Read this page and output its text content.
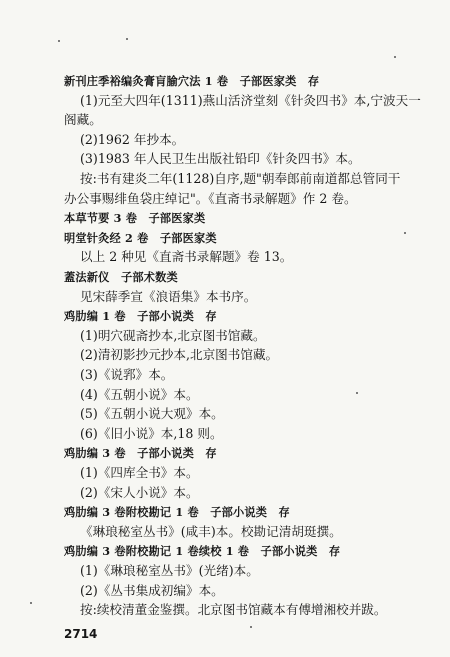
新刊庄季裕编灸膏肓腧穴法 1 卷　子部医家类　存
(1)元至大四年(1311)燕山活济堂刻《针灸四书》本,宁波天一
阁藏。
(2)1962 年抄本。
(3)1983 年人民卫生出版社铅印《针灸四书》本。
按:书有建炎二年(1128)自序,题"朝奉郎前南道都总管同干
办公事赐绯鱼袋庄绰记"。《直斋书录解题》作 2 卷。
本草节要 3 卷　子部医家类
明堂针灸经 2 卷　子部医家类
以上 2 种见《直斋书录解题》卷 13。
蓋法新仪　子部术数类
见宋薛季宣《浪语集》本书序。
鸡肋编 1 卷　子部小说类　存
(1)明穴砚斋抄本,北京图书馆藏。
(2)清初影抄元抄本,北京图书馆藏。
(3)《说郛》本。
(4)《五朝小说》本。
(5)《五朝小说大观》本。
(6)《旧小说》本,18 则。
鸡肋编 3 卷　子部小说类　存
(1)《四库全书》本。
(2)《宋人小说》本。
鸡肋编 3 卷附校勘记 1 卷　子部小说类　存
《琳琅秘室丛书》(咸丰)本。校勘记清胡珽撰。
鸡肋编 3 卷附校勘记 1 卷续校 1 卷　子部小说类　存
(1)《琳琅秘室丛书》(光绪)本。
(2)《丛书集成初编》本。
按:续校清董金鉴撰。北京图书馆藏本有傅增湘校并跋。
2714
